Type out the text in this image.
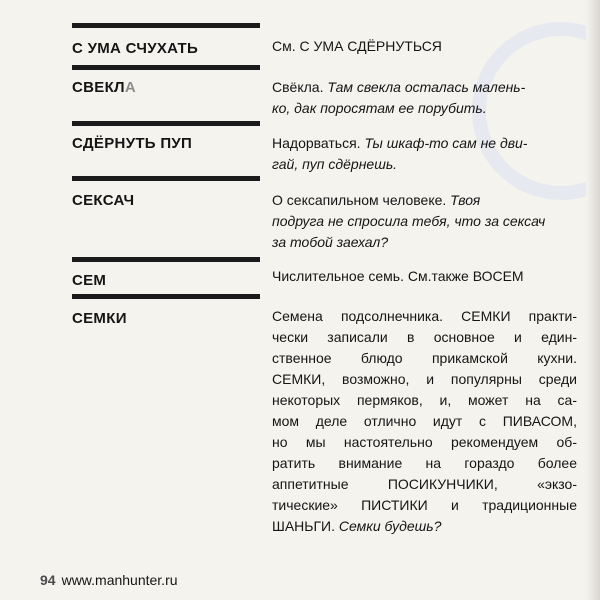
С УМА СЧУХАТЬ
СВЕКЛА
СДЁРНУТЬ ПУП
СЕКСАЧ
СЕМ
СЕМКИ
См. С УМА СДЁРНУТЬСЯ
Свёкла. Там свекла осталась малень-
ко, дак поросятам ее порубить.
Надорваться. Ты шкаф-то сам не дви-
гай, пуп сдёрнешь.
О сексапильном человеке. Твоя
подруга не спросила тебя, что за сексач
за тобой заехал?
Числительное семь. См.также ВОСЕМ
Семена подсолнечника. СЕМКИ практи-
чески записали в основное и един-
ственное блюдо прикамской кухни.
СЕМКИ, возможно, и популярны среди
некоторых пермяков, и, может на са-
мом деле отлично идут с ПИВАСОМ,
но мы настоятельно рекомендуем об-
ратить внимание на гораздо более
аппетитные ПОСИКУНЧИКИ, «экзо-
тические» ПИСТИКИ и традиционные
ШАНЬГИ. Семки будешь?
94 www.manhunter.ru
